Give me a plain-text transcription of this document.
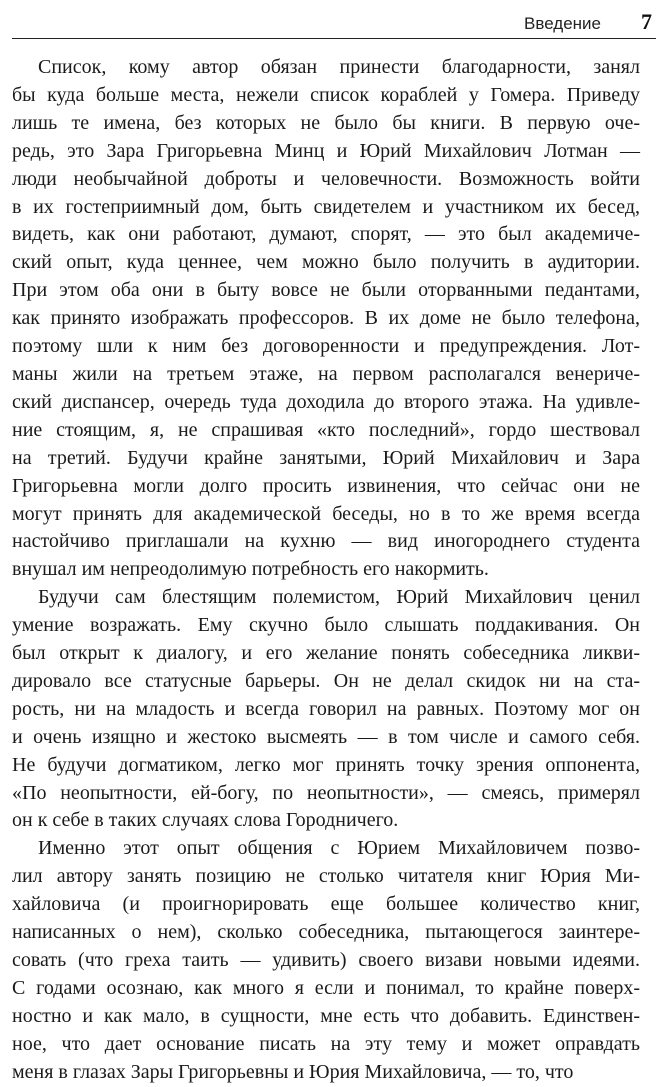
Введение 7
Список, кому автор обязан принести благодарности, занял
бы куда больше места, нежели список кораблей у Гомера. Приведу
лишь те имена, без которых не было бы книги. В первую оче-
редь, это Зара Григорьевна Минц и Юрий Михайлович Лотман —
люди необычайной доброты и человечности. Возможность войти
в их гостеприимный дом, быть свидетелем и участником их бесед,
видеть, как они работают, думают, спорят, — это был академиче-
ский опыт, куда ценнее, чем можно было получить в аудитории.
При этом оба они в быту вовсе не были оторванными педантами,
как принято изображать профессоров. В их доме не было телефона,
поэтому шли к ним без договоренности и предупреждения. Лот-
маны жили на третьем этаже, на первом располагался венериче-
ский диспансер, очередь туда доходила до второго этажа. На удивле-
ние стоящим, я, не спрашивая «кто последний», гордо шествовал
на третий. Будучи крайне занятыми, Юрий Михайлович и Зара
Григорьевна могли долго просить извинения, что сейчас они не
могут принять для академической беседы, но в то же время всегда
настойчиво приглашали на кухню — вид иногороднего студента
внушал им непреодолимую потребность его накормить.
Будучи сам блестящим полемистом, Юрий Михайлович ценил
умение возражать. Ему скучно было слышать поддакивания. Он
был открыт к диалогу, и его желание понять собеседника ликви-
дировало все статусные барьеры. Он не делал скидок ни на ста-
рость, ни на младость и всегда говорил на равных. Поэтому мог он
и очень изящно и жестоко высмеять — в том числе и самого себя.
Не будучи догматиком, легко мог принять точку зрения оппонента,
«По неопытности, ей-богу, по неопытности», — смеясь, примерял
он к себе в таких случаях слова Городничего.
Именно этот опыт общения с Юрием Михайловичем позво-
лил автору занять позицию не столько читателя книг Юрия Ми-
хайловича (и проигнорировать еще большее количество книг,
написанных о нем), сколько собеседника, пытающегося заинтере-
совать (что греха таить — удивить) своего визави новыми идеями.
С годами осознаю, как много я если и понимал, то крайне поверх-
ностно и как мало, в сущности, мне есть что добавить. Единствен-
ное, что дает основание писать на эту тему и может оправдать
меня в глазах Зары Григорьевны и Юрия Михайловича, — то, что
